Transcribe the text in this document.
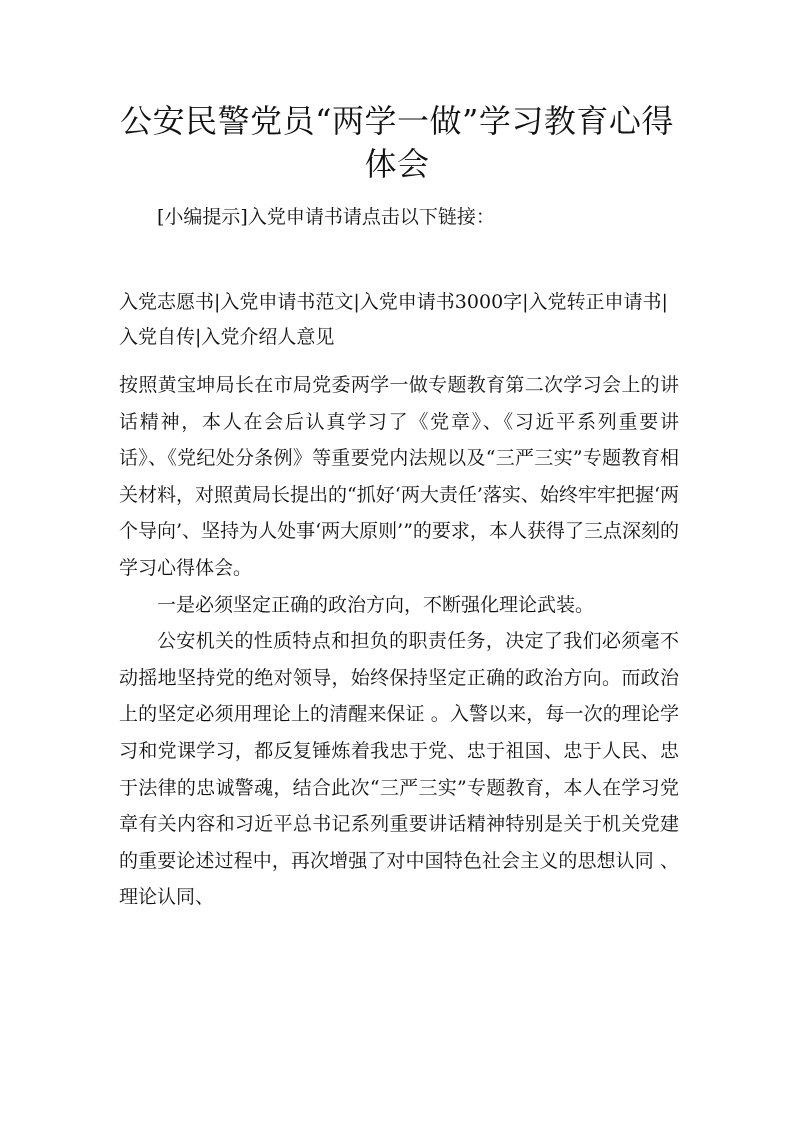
公安民警党员“两学一做”学习教育心得体会

[小编提示]入党申请书请点击以下链接：

入党志愿书|入党申请书范文|入党申请书3000字|入党转正申请书|入党自传|入党介绍人意见

按照黄宝坤局长在市局党委两学一做专题教育第二次学习会上的讲话精神，本人在会后认真学习了《党章》、《习近平系列重要讲话》、《党纪处分条例》等重要党内法规以及“三严三实”专题教育相关材料，对照黄局长提出的“抓好‘两大责任’落实、始终牢牢把握‘两个导向’、坚持为人处事‘两大原则’”的要求，本人获得了三点深刻的学习心得体会。

一是必须坚定正确的政治方向，不断强化理论武装。

公安机关的性质特点和担负的职责任务，决定了我们必须毫不动摇地坚持党的绝对领导，始终保持坚定正确的政治方向。而政治上的坚定必须用理论上的清醒来保证 。入警以来，每一次的理论学习和党课学习，都反复锤炼着我忠于党、忠于祖国、忠于人民、忠于法律的忠诚警魂，结合此次“三严三实”专题教育，本人在学习党章有关内容和习近平总书记系列重要讲话精神特别是关于机关党建的重要论述过程中，再次增强了对中国特色社会主义的思想认同 、理论认同、
